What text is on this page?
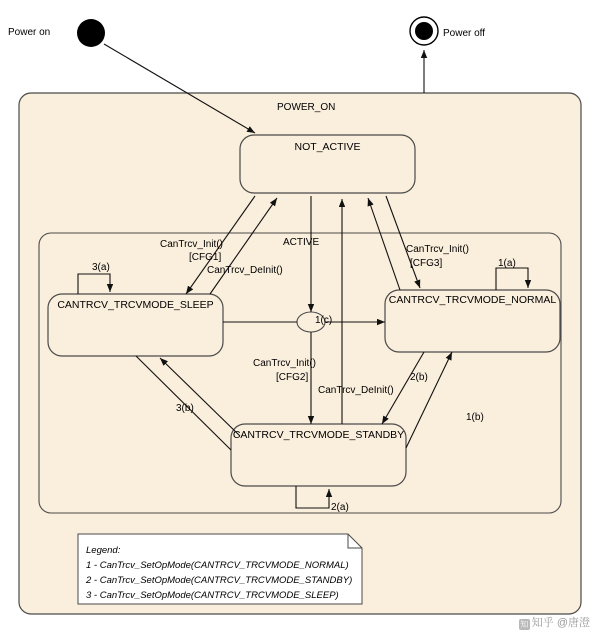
POWER_ON
ACTIVE
Power on	Power off
NOT_ACTIVE
CANTRCV_TRCVMODE_SLEEP	CANTRCV_TRCVMODE_NORMAL
CANTRCV_TRCVMODE_STANDBY
CanTrcv_Init()
[CFG1]
CanTrcv_DeInit()
CanTrcv_Init()
[CFG3]
CanTrcv_Init()
[CFG2]
CanTrcv_DeInit()
3(a)	1(a)
1(c)
2(b)
1(b)
3(b)
2(a)
Legend:
1 - CanTrcv_SetOpMode(CANTRCV_TRCVMODE_NORMAL)
2 - CanTrcv_SetOpMode(CANTRCV_TRCVMODE_STANDBY)
3 - CanTrcv_SetOpMode(CANTRCV_TRCVMODE_SLEEP)
知 知乎 @唐澄
